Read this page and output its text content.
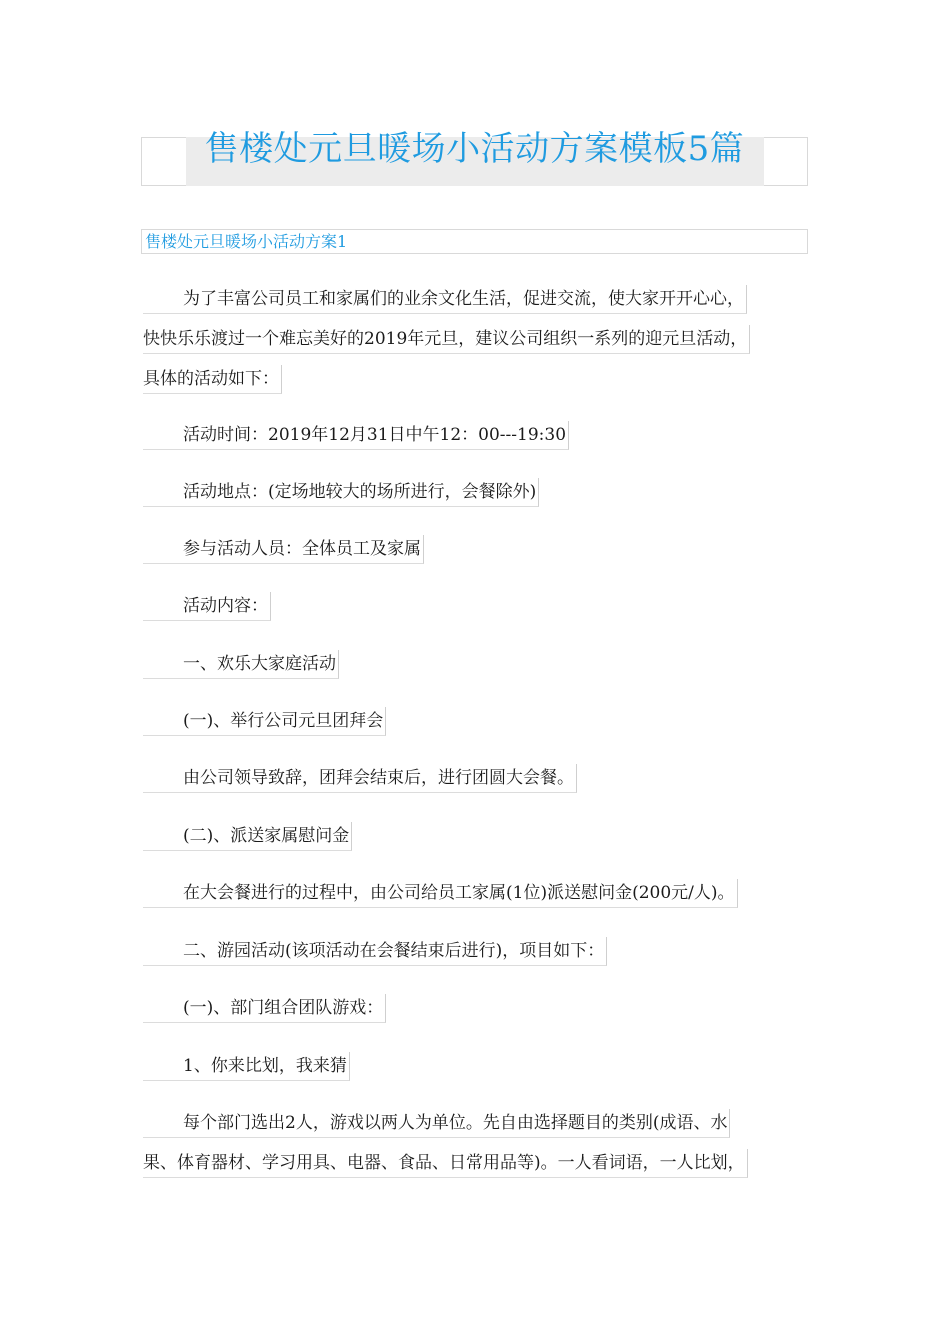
售楼处元旦暖场小活动方案模板5篇
售楼处元旦暖场小活动方案1
为了丰富公司员工和家属们的业余文化生活，促进交流，使大家开开心心，
快快乐乐渡过一个难忘美好的2019年元旦，建议公司组织一系列的迎元旦活动，
具体的活动如下：
活动时间：2019年12月31日中午12：00---19:30
活动地点：(定场地较大的场所进行，会餐除外)
参与活动人员：全体员工及家属
活动内容：
一、欢乐大家庭活动
(一)、举行公司元旦团拜会
由公司领导致辞，团拜会结束后，进行团圆大会餐。
(二)、派送家属慰问金
在大会餐进行的过程中，由公司给员工家属(1位)派送慰问金(200元/人)。
二、游园活动(该项活动在会餐结束后进行)，项目如下：
(一)、部门组合团队游戏：
1、你来比划，我来猜
每个部门选出2人，游戏以两人为单位。先自由选择题目的类别(成语、水
果、体育器材、学习用具、电器、食品、日常用品等)。一人看词语，一人比划，
